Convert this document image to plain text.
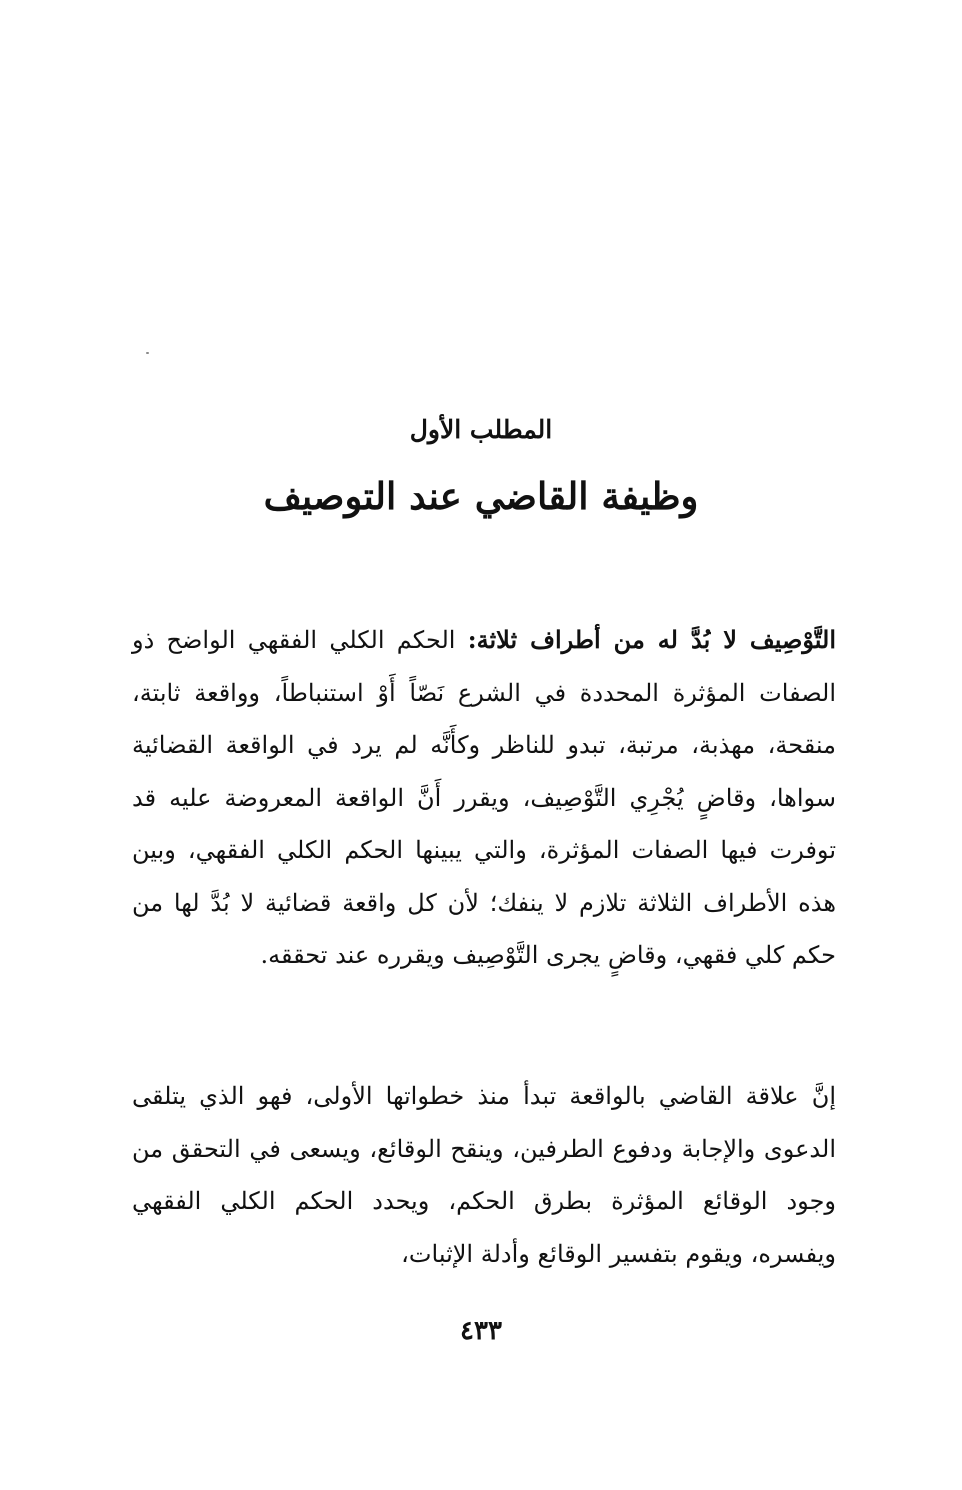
المطلب الأول
وظيفة القاضي عند التوصيف
التَّوْصِيف لا بُدَّ له من أطراف ثلاثة: الحكم الكلي الفقهي الواضح ذو الصفات المؤثرة المحددة في الشرع نَصّاً أَوْ استنباطاً، وواقعة ثابتة، منقحة، مهذبة، مرتبة، تبدو للناظر وكأَنَّه لم يرد في الواقعة القضائية سواها، وقاضٍ يُجْرِي التَّوْصِيف، ويقرر أَنَّ الواقعة المعروضة عليه قد توفرت فيها الصفات المؤثرة، والتي يبينها الحكم الكلي الفقهي، وبين هذه الأطراف الثلاثة تلازم لا ينفك؛ لأن كل واقعة قضائية لا بُدَّ لها من حكم كلي فقهي، وقاضٍ يجرى التَّوْصِيف ويقرره عند تحققه.
إنَّ علاقة القاضي بالواقعة تبدأ منذ خطواتها الأولى، فهو الذي يتلقى الدعوى والإجابة ودفوع الطرفين، وينقح الوقائع، ويسعى في التحقق من وجود الوقائع المؤثرة بطرق الحكم، ويحدد الحكم الكلي الفقهي ويفسره، ويقوم بتفسير الوقائع وأدلة الإثبات،
٤٣٣
